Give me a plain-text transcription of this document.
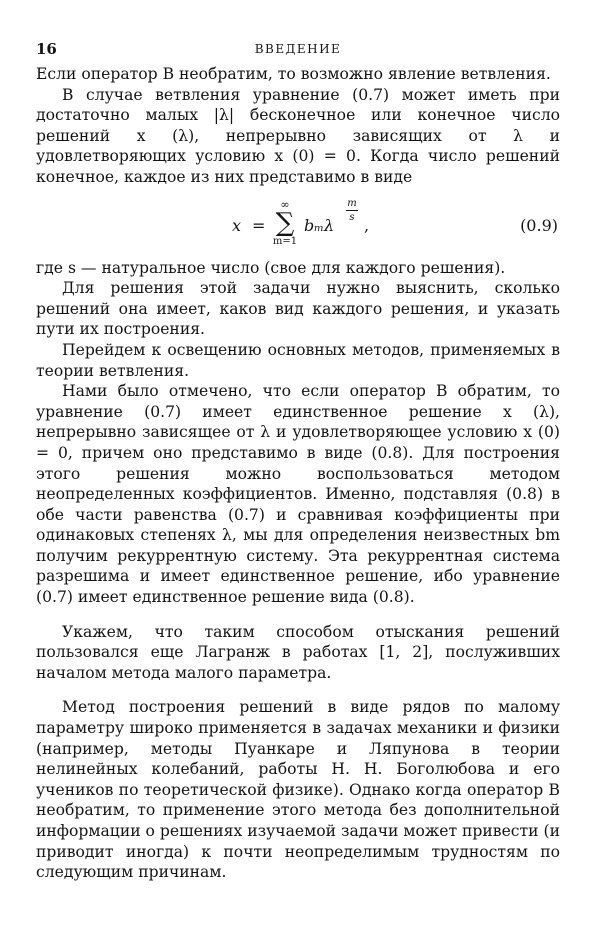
16	ВВЕДЕНИЕ

Если оператор B необратим, то возможно явление ветвления.

В случае ветвления уравнение (0.7) может иметь при достаточно малых |λ| бесконечное или конечное число решений x (λ), непрерывно зависящих от λ и удовлетворяющих условию x (0) = 0. Когда число решений конечное, каждое из них представимо в виде

x =
∞
∑
m=1
bₘλ
m
s ,	(0.9)

где s — натуральное число (свое для каждого решения).

Для решения этой задачи нужно выяснить, сколько решений она имеет, каков вид каждого решения, и указать пути их построения.

Перейдем к освещению основных методов, применяемых в теории ветвления.

Нами было отмечено, что если оператор B обратим, то уравнение (0.7) имеет единственное решение x (λ), непрерывно зависящее от λ и удовлетворяющее условию x (0) = 0, причем оно представимо в виде (0.8). Для построения этого решения можно воспользоваться методом неопределенных коэффициентов. Именно, подставляя (0.8) в обе части равенства (0.7) и сравнивая коэффициенты при одинаковых степенях λ, мы для определения неизвестных bm получим рекуррентную систему. Эта рекуррентная система разрешима и имеет единственное решение, ибо уравнение (0.7) имеет единственное решение вида (0.8).

Укажем, что таким способом отыскания решений пользовался еще Лагранж в работах [1, 2], послуживших началом метода малого параметра.

Метод построения решений в виде рядов по малому параметру широко применяется в задачах механики и физики (например, методы Пуанкаре и Ляпунова в теории нелинейных колебаний, работы Н. Н. Боголюбова и его учеников по теоретической физике). Однако когда оператор B необратим, то применение этого метода без дополнительной информации о решениях изучаемой задачи может привести (и приводит иногда) к почти неопределимым трудностям по следующим причинам.
